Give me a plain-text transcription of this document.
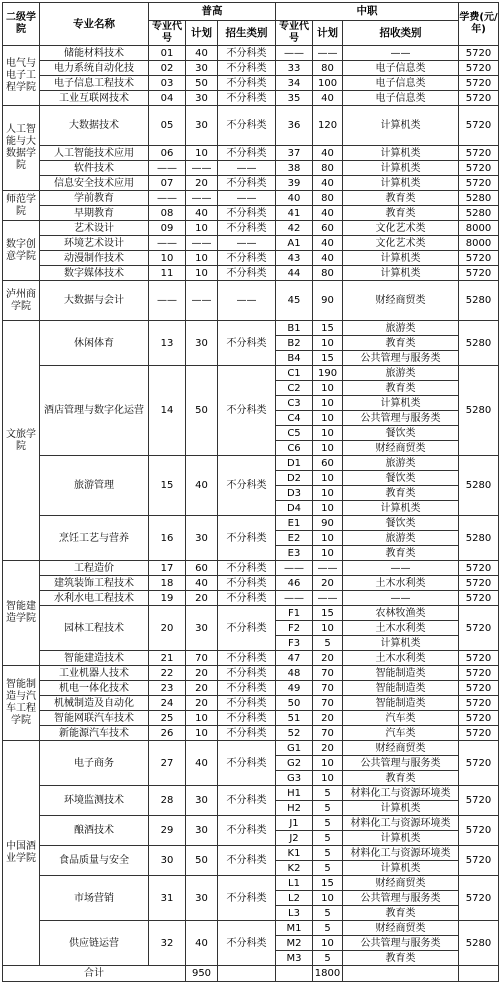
二级学院	专业名称	普高			中职			学费(元/年)
		专业代号	计划	招生类别	专业代号	计划	招收类别	
电气与电子工程学院	储能材料技术	01	40	不分科类	——	——	——	5720
	电力系统自动化技	02	30	不分科类	33	80	电子信息类	5720
	电子信息工程技术	03	50	不分科类	34	100	电子信息类	5720
	工业互联网技术	04	30	不分科类	35	40	电子信息类	5720
人工智能与大数据学院	大数据技术	05	30	不分科类	36	120	计算机类	5720
	人工智能技术应用	06	10	不分科类	37	40	计算机类	5720
	软件技术	——	——	——	38	80	计算机类	5720
	信息安全技术应用	07	20	不分科类	39	40	计算机类	5720
师范学院	学前教育	——	——	——	40	80	教育类	5280
	早期教育	08	40	不分科类	41	40	教育类	5280
数字创意学院	艺术设计	09	10	不分科类	42	60	文化艺术类	8000
	环境艺术设计	——	——	——	A1	40	文化艺术类	8000
	动漫制作技术	10	10	不分科类	43	40	计算机类	5720
	数字媒体技术	11	10	不分科类	44	80	计算机类	5720
泸州商学院	大数据与会计	——	——	——	45	90	财经商贸类	5280
文旅学院	休闲体育	13	30	不分科类	B1	15	旅游类	5280
					B2	10	教育类	
					B4	15	公共管理与服务类	
	酒店管理与数字化运营	14	50	不分科类	C1	190	旅游类	5280
					C2	10	教育类	
					C3	10	计算机类	
					C4	10	公共管理与服务类	
					C5	10	餐饮类	
					C6	10	财经商贸类	
	旅游管理	15	40	不分科类	D1	60	旅游类	5280
					D2	10	餐饮类	
					D3	10	教育类	
					D4	10	计算机类	
	烹饪工艺与营养	16	30	不分科类	E1	90	餐饮类	5280
					E2	10	旅游类	
					E3	10	教育类	
智能建造学院	工程造价	17	60	不分科类	——	——	——	5720
	建筑装饰工程技术	18	40	不分科类	46	20	土木水利类	5720
	水利水电工程技术	19	20	不分科类	——	——	——	5720
	园林工程技术	20	30	不分科类	F1	15	农林牧渔类	5720
					F2	10	土木水利类	
					F3	5	计算机类	
	智能建造技术	21	70	不分科类	47	20	土木水利类	5720
智能制造与汽车工程学院	工业机器人技术	22	20	不分科类	48	70	智能制造类	5720
	机电一体化技术	23	20	不分科类	49	70	智能制造类	5720
	机械制造及自动化	24	20	不分科类	50	70	智能制造类	5720
	智能网联汽车技术	25	10	不分科类	51	20	汽车类	5720
	新能源汽车技术	26	10	不分科类	52	70	汽车类	5720
中国酒业学院	电子商务	27	40	不分科类	G1	20	财经商贸类	5720
					G2	10	公共管理与服务类	
					G3	10	教育类	
	环境监测技术	28	30	不分科类	H1	5	材料化工与资源环境类	5720
					H2	5	计算机类	
	酿酒技术	29	30	不分科类	J1	5	材料化工与资源环境类	5720
					J2	5	计算机类	
	食品质量与安全	30	50	不分科类	K1	5	材料化工与资源环境类	5720
					K2	5	计算机类	
	市场营销	31	30	不分科类	L1	15	财经商贸类	5720
					L2	10	公共管理与服务类	
					L3	5	教育类	
	供应链运营	32	40	不分科类	M1	5	财经商贸类	5280
					M2	10	公共管理与服务类	
					M3	5	教育类	
合计			950			1800		
